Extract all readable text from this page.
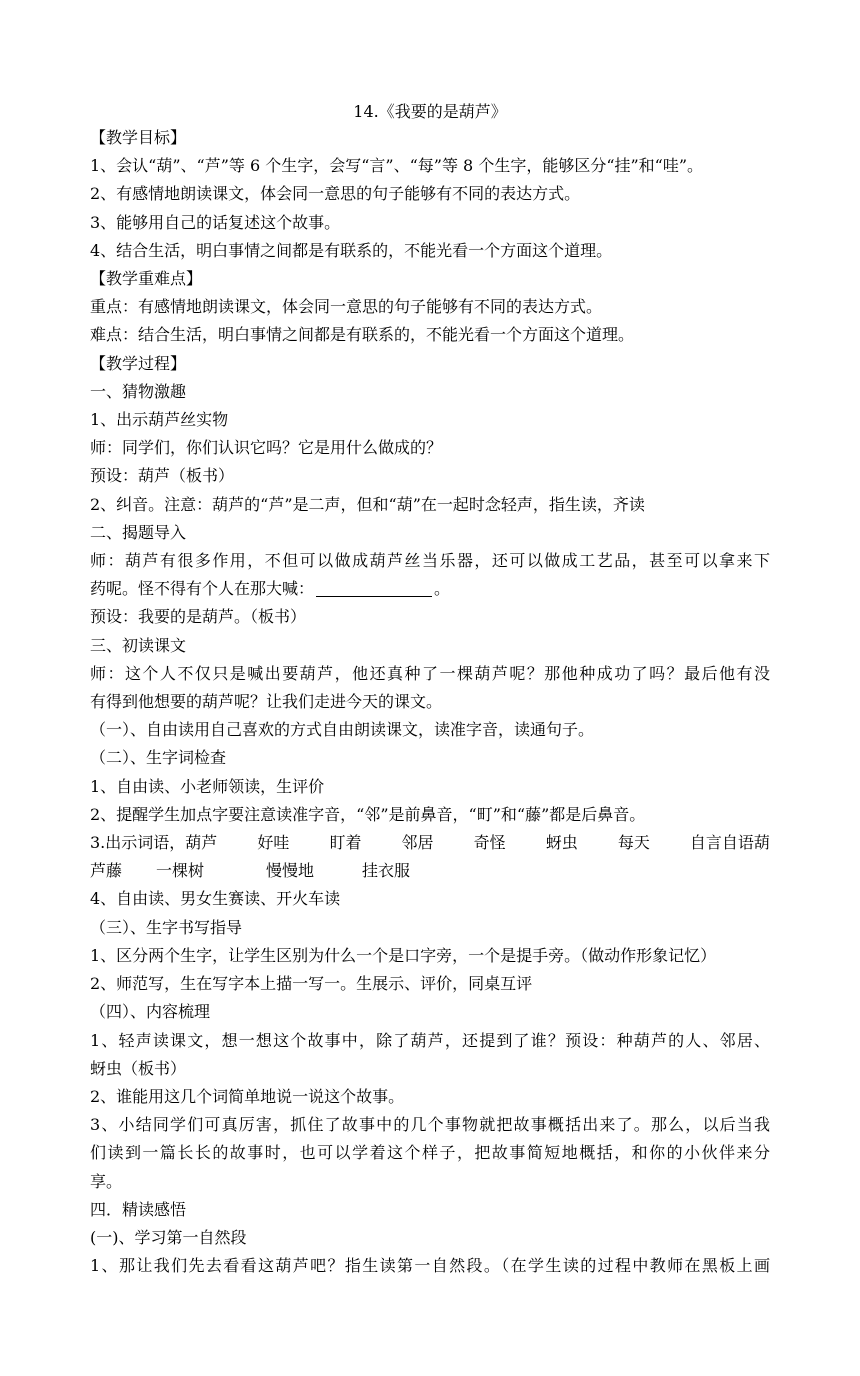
14.《我要的是葫芦》
【教学目标】
1、会认“葫”、“芦”等 6 个生字，会写“言”、“每”等 8 个生字，能够区分“挂”和“哇”。
2、有感情地朗读课文，体会同一意思的句子能够有不同的表达方式。
3、能够用自己的话复述这个故事。
4、结合生活，明白事情之间都是有联系的，不能光看一个方面这个道理。
【教学重难点】
重点：有感情地朗读课文，体会同一意思的句子能够有不同的表达方式。
难点：结合生活，明白事情之间都是有联系的，不能光看一个方面这个道理。
【教学过程】
一、猜物激趣
1、出示葫芦丝实物
师：同学们，你们认识它吗？它是用什么做成的？
预设：葫芦（板书）
2、纠音。注意：葫芦的“芦”是二声，但和“葫”在一起时念轻声，指生读，齐读
二、揭题导入
师：葫芦有很多作用，不但可以做成葫芦丝当乐器，还可以做成工艺品，甚至可以拿来下
药呢。怪不得有个人在那大喊：	。
预设：我要的是葫芦。（板书）
三、初读课文
师：这个人不仅只是喊出要葫芦，他还真种了一棵葫芦呢？那他种成功了吗？最后他有没
有得到他想要的葫芦呢？让我们走进今天的课文。
（一）、自由读用自己喜欢的方式自由朗读课文，读准字音，读通句子。
（二）、生字词检查
1、自由读、小老师领读，生评价
2、提醒学生加点字要注意读准字音，“邻”是前鼻音，“町”和“藤”都是后鼻音。
3.出示词语，葫芦	好哇	盯着	邻居	奇怪	蚜虫	每天	自言自语葫
芦藤 一棵树	慢慢地	挂衣服
4、自由读、男女生赛读、开火车读
（三）、生字书写指导
1、区分两个生字，让学生区别为什么一个是口字旁，一个是提手旁。（做动作形象记忆）
2、师范写，生在写字本上描一写一。生展示、评价，同桌互评
（四）、内容梳理
1、轻声读课文，想一想这个故事中，除了葫芦，还提到了谁？预设：种葫芦的人、邻居、
蚜虫（板书）
2、谁能用这几个词简单地说一说这个故事。
3、小结同学们可真厉害，抓住了故事中的几个事物就把故事概括出来了。那么，以后当我
们读到一篇长长的故事时，也可以学着这个样子，把故事简短地概括，和你的小伙伴来分
享。
四．精读感悟
(一)、学习第一自然段
1、那让我们先去看看这葫芦吧？指生读第一自然段。（在学生读的过程中教师在黑板上画
